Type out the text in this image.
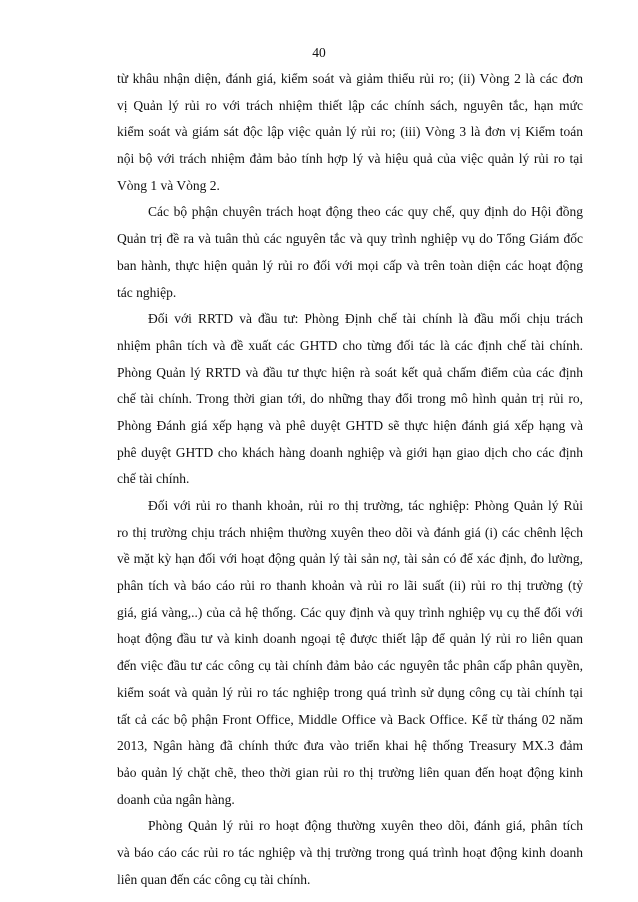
40
từ khâu nhận diện, đánh giá, kiểm soát và giảm thiểu rủi ro; (ii) Vòng 2 là các đơn
vị Quản lý rủi ro với trách nhiệm thiết lập các chính sách, nguyên tắc, hạn mức
kiểm soát và giám sát độc lập việc quản lý rủi ro; (iii) Vòng 3 là đơn vị Kiểm toán
nội bộ với trách nhiệm đảm bảo tính hợp lý và hiệu quả của việc quản lý rủi ro tại
Vòng 1 và Vòng 2.
Các bộ phận chuyên trách hoạt động theo các quy chế, quy định do Hội đồng
Quản trị đề ra và tuân thủ các nguyên tắc và quy trình nghiệp vụ do Tổng Giám đốc
ban hành, thực hiện quản lý rủi ro đối với mọi cấp và trên toàn diện các hoạt động
tác nghiệp.
Đối với RRTD và đầu tư: Phòng Định chế tài chính là đầu mối chịu trách
nhiệm phân tích và đề xuất các GHTD cho từng đối tác là các định chế tài chính.
Phòng Quản lý RRTD và đầu tư thực hiện rà soát kết quả chấm điểm của các định
chế tài chính. Trong thời gian tới, do những thay đổi trong mô hình quản trị rủi ro,
Phòng Đánh giá xếp hạng và phê duyệt GHTD sẽ thực hiện đánh giá xếp hạng và
phê duyệt GHTD cho khách hàng doanh nghiệp và giới hạn giao dịch cho các định
chế tài chính.
Đối với rủi ro thanh khoản, rủi ro thị trường, tác nghiệp: Phòng Quản lý Rủi
ro thị trường chịu trách nhiệm thường xuyên theo dõi và đánh giá (i) các chênh lệch
về mặt kỳ hạn đối với hoạt động quản lý tài sản nợ, tài sản có để xác định, đo lường,
phân tích và báo cáo rủi ro thanh khoản và rủi ro lãi suất (ii) rủi ro thị trường (tỷ
giá, giá vàng,..) của cả hệ thống. Các quy định và quy trình nghiệp vụ cụ thể đối với
hoạt động đầu tư và kinh doanh ngoại tệ được thiết lập để quản lý rủi ro liên quan
đến việc đầu tư các công cụ tài chính đảm bảo các nguyên tắc phân cấp phân quyền,
kiểm soát và quản lý rủi ro tác nghiệp trong quá trình sử dụng công cụ tài chính tại
tất cả các bộ phận Front Office, Middle Office và Back Office. Kể từ tháng 02 năm
2013, Ngân hàng đã chính thức đưa vào triển khai hệ thống Treasury MX.3 đảm
bảo quản lý chặt chẽ, theo thời gian rủi ro thị trường liên quan đến hoạt động kinh
doanh của ngân hàng.
Phòng Quản lý rủi ro hoạt động thường xuyên theo dõi, đánh giá, phân tích
và báo cáo các rủi ro tác nghiệp và thị trường trong quá trình hoạt động kinh doanh
liên quan đến các công cụ tài chính.
